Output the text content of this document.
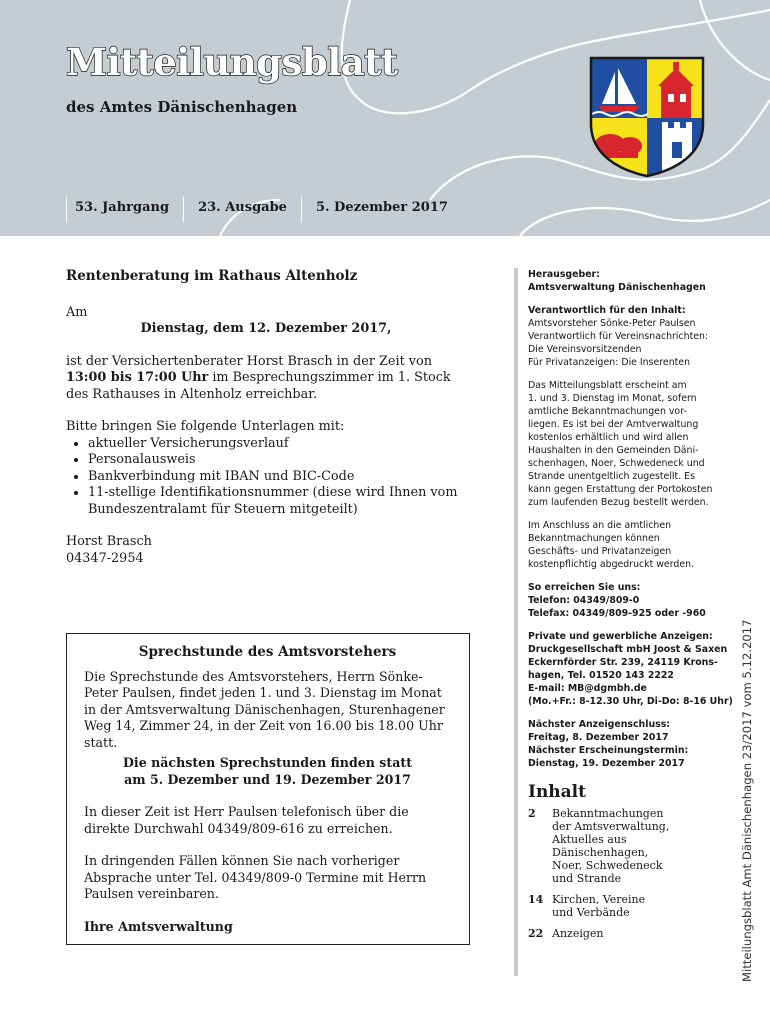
Mitteilungsblatt
des Amtes Dänischenhagen
53. Jahrgang	23. Ausgabe	5. Dezember 2017
Rentenberatung im Rathaus Altenholz

Am

Dienstag, dem 12. Dezember 2017,

ist der Versichertenberater Horst Brasch in der Zeit von
13:00 bis 17:00 Uhr im Besprechungszimmer im 1. Stock
des Rathauses in Altenholz erreichbar.

Bitte bringen Sie folgende Unterlagen mit:

• aktueller Versicherungsverlauf
• Personalausweis
• Bankverbindung mit IBAN und BIC-Code
• 11-stellige Identifikationsnummer (diese wird Ihnen vom Bundeszentralamt für Steuern mitgeteilt)

Horst Brasch

04347-2954

Sprechstunde des Amtsvorstehers

Die Sprechstunde des Amtsvorstehers, Herrn Sönke-Peter Paulsen, findet jeden 1. und 3. Dienstag im Monat in der Amtsverwaltung Dänischenhagen, Sturenhagener Weg 14, Zimmer 24, in der Zeit von 16.00 bis 18.00 Uhr statt.

Die nächsten Sprechstunden finden statt
am 5. Dezember und 19. Dezember 2017

In dieser Zeit ist Herr Paulsen telefonisch über die direkte Durchwahl 04349/809-616 zu erreichen.

In dringenden Fällen können Sie nach vorheriger Absprache unter Tel. 04349/809-0 Termine mit Herrn Paulsen vereinbaren.

Ihre Amtsverwaltung

Herausgeber:
Amtsverwaltung Dänischenhagen
Verantwortlich für den Inhalt:
Amtsvorsteher Sönke-Peter Paulsen
Verantwortlich für Vereinsnachrichten:
Die Vereinsvorsitzenden
Für Privatanzeigen: Die Inserenten
Das Mitteilungsblatt erscheint am
1. und 3. Dienstag im Monat, sofern
amtliche Bekanntmachungen vor-
liegen. Es ist bei der Amtverwaltung
kostenlos erhältlich und wird allen
Haushalten in den Gemeinden Däni-
schenhagen, Noer, Schwedeneck und
Strande unentgeltlich zugestellt. Es
kann gegen Erstattung der Portokosten
zum laufenden Bezug bestellt werden.
Im Anschluss an die amtlichen
Bekanntmachungen können
Geschäfts- und Privatanzeigen
kostenpflichtig abgedruckt werden.
So erreichen Sie uns:
Telefon: 04349/809-0
Telefax: 04349/809-925 oder -960
Private und gewerbliche Anzeigen:
Druckgesellschaft mbH Joost & Saxen
Eckernförder Str. 239, 24119 Krons-
hagen, Tel. 01520 143 2222
E-mail: MB@dgmbh.de
(Mo.+Fr.: 8-12.30 Uhr, Di-Do: 8-16 Uhr)
Nächster Anzeigenschluss:
Freitag, 8. Dezember 2017
Nächster Erscheinungstermin:
Dienstag, 19. Dezember 2017
Inhalt
2	Bekanntmachungen
der Amtsverwaltung,
Aktuelles aus
Dänischenhagen,
Noer, Schwedeneck
und Strande
14 Kirchen, Vereine
und Verbände
22 Anzeigen	Mitteilungsblatt Amt Dänischenhagen 23/2017 vom 5.12.2017
